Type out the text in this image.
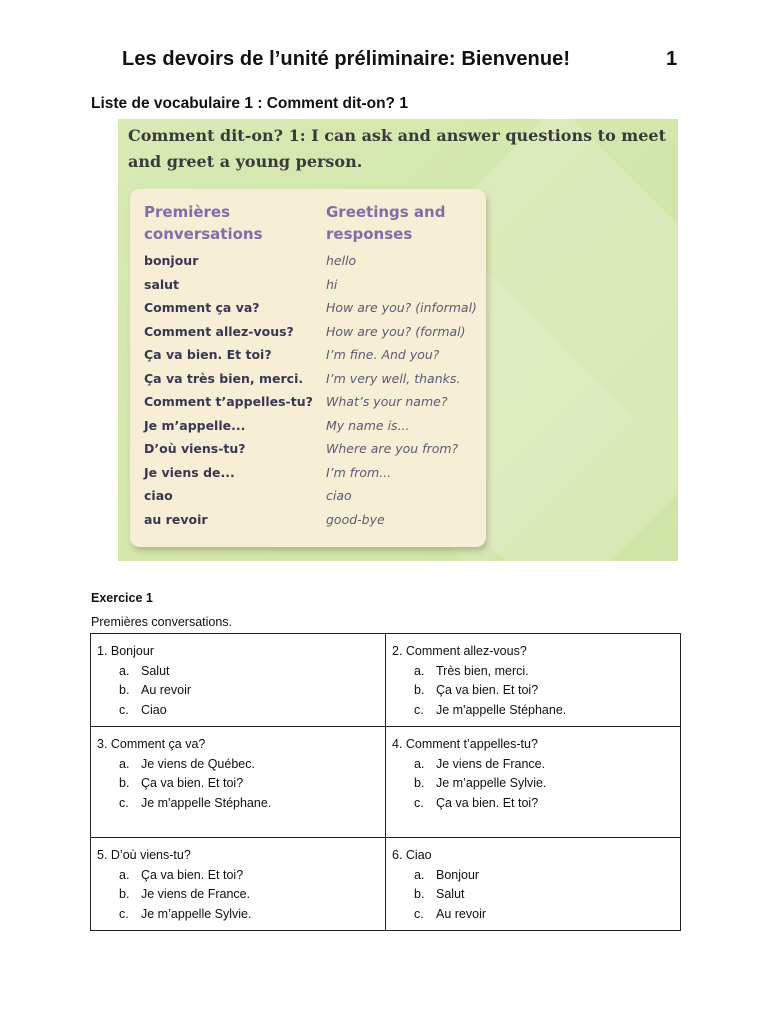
Les devoirs de l’unité préliminaire: Bienvenue!	1
Liste de vocabulaire 1 : Comment dit-on? 1
Comment dit-on? 1: I can ask and answer questions to meet and greet a young person.
Premières conversations
Greetings and responses
bonjour	hello
salut	hi
Comment ça va?	How are you? (informal)
Comment allez-vous?	How are you? (formal)
Ça va bien. Et toi?	I’m fine. And you?
Ça va très bien, merci. I’m very well, thanks.
Comment t’appelles-tu? What’s your name?
Je m’appelle...	My name is...
D’où viens-tu?	Where are you from?
Je viens de...	I’m from...
ciao	ciao
au revoir	good-bye
Exercice 1
Premières conversations.
1. Bonjour
a. Salut
b. Au revoir
c. Ciao	2. Comment allez-vous?
a. Très bien, merci.
b. Ça va bien. Et toi?
c. Je m'appelle Stéphane.

3. Comment ça va?
a. Je viens de Québec.
b. Ça va bien. Et toi?
c. Je m'appelle Stéphane.	4. Comment t’appelles-tu?
a. Je viens de France.
b. Je m’appelle Sylvie.
c. Ça va bien. Et toi?

5. D’où viens-tu?
a. Ça va bien. Et toi?
b. Je viens de France.
c. Je m’appelle Sylvie.	6. Ciao
a. Bonjour
b. Salut
c. Au revoir
